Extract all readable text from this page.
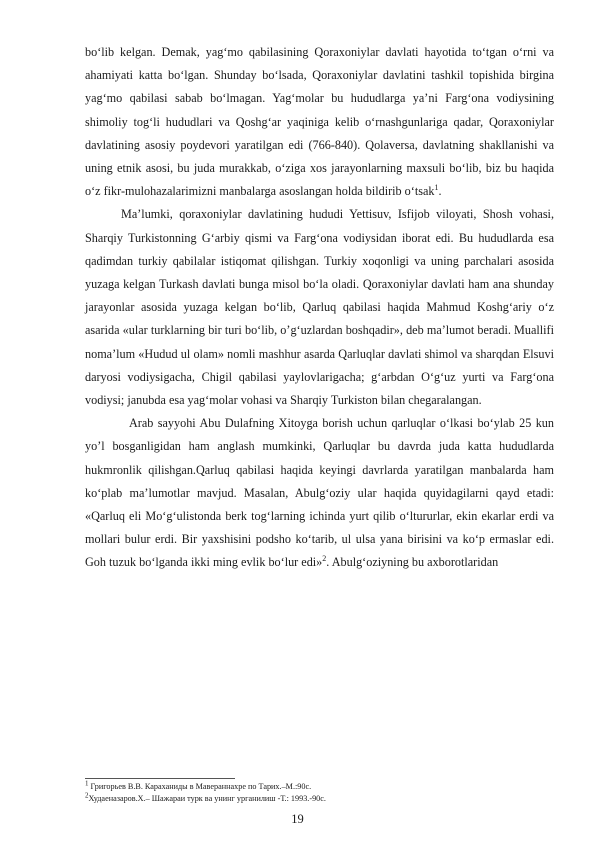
bo‘lib kelgan. Demak, yag‘mo qabilasining Qoraxoniylar davlati hayotida to‘tgan o‘rni va ahamiyati katta bo‘lgan. Shunday bo‘lsada, Qoraxoniylar davlatini tashkil topishida birgina yag‘mo qabilasi sabab bo‘lmagan. Yag‘molar bu hududlarga ya’ni Farg‘ona vodiysining shimoliy tog‘li hududlari va Qoshg‘ar yaqiniga kelib o‘rnashgunlariga qadar, Qoraxoniylar davlatining asosiy poydevori yaratilgan edi (766-840). Qolaversa, davlatning shakllanishi va uning etnik asosi, bu juda murakkab, o‘ziga xos jarayonlarning maxsuli bo‘lib, biz bu haqida o‘z fikr-mulohazalarimizni manbalarga asoslangan holda bildirib o‘tsak$^1$.

Ma’lumki, qoraxoniylar davlatining hududi Yettisuv, Isfijob viloyati, Shosh vohasi, Sharqiy Turkistonning G‘arbiy qismi va Farg‘ona vodiysidan iborat edi. Bu hududlarda esa qadimdan turkiy qabilalar istiqomat qilishgan. Turkiy xoqonligi va uning parchalari asosida yuzaga kelgan Turkash davlati bunga misol bo‘la oladi. Qoraxoniylar davlati ham ana shunday jarayonlar asosida yuzaga kelgan bo‘lib, Qarluq qabilasi haqida Mahmud Koshg‘ariy o‘z asarida «ular turklarning bir turi bo‘lib, o’g‘uzlardan boshqadir», deb ma’lumot beradi. Muallifi noma’lum «Hudud ul olam» nomli mashhur asarda Qarluqlar davlati shimol va sharqdan Elsuvi daryosi vodiysigacha, Chigil qabilasi yaylovlarigacha; g‘arbdan O‘g‘uz yurti va Farg‘ona vodiysi; janubda esa yag‘molar vohasi va Sharqiy Turkiston bilan chegaralangan.

Arab sayyohi Abu Dulafning Xitoyga borish uchun qarluqlar o‘lkasi bo‘ylab 25 kun yo’l bosganligidan ham anglash mumkinki, Qarluqlar bu davrda juda katta hududlarda hukmronlik qilishgan.Qarluq qabilasi haqida keyingi davrlarda yaratilgan manbalarda ham ko‘plab ma’lumotlar mavjud. Masalan, Abulg‘oziy ular haqida quyidagilarni qayd etadi: «Qarluq eli Mo‘g‘ulistonda berk tog‘larning ichinda yurt qilib o‘ltururlar, ekin ekarlar erdi va mollari bulur erdi. Bir yaxshisini podsho ko‘tarib, ul ulsa yana birisini va ko‘p ermaslar edi. Goh tuzuk bo‘lganda ikki ming evlik bo‘lur edi»$^2$. Abulg‘oziyning bu axborotlaridan

$^1$ Григорьев В.В. Караханиды в Мавераннахре по Тарих.–М.:90с.
$^2$Худаеназаров.Х.– Шажараи турк ва унинг урганилиш -Т.: 1993.-90с.
19
